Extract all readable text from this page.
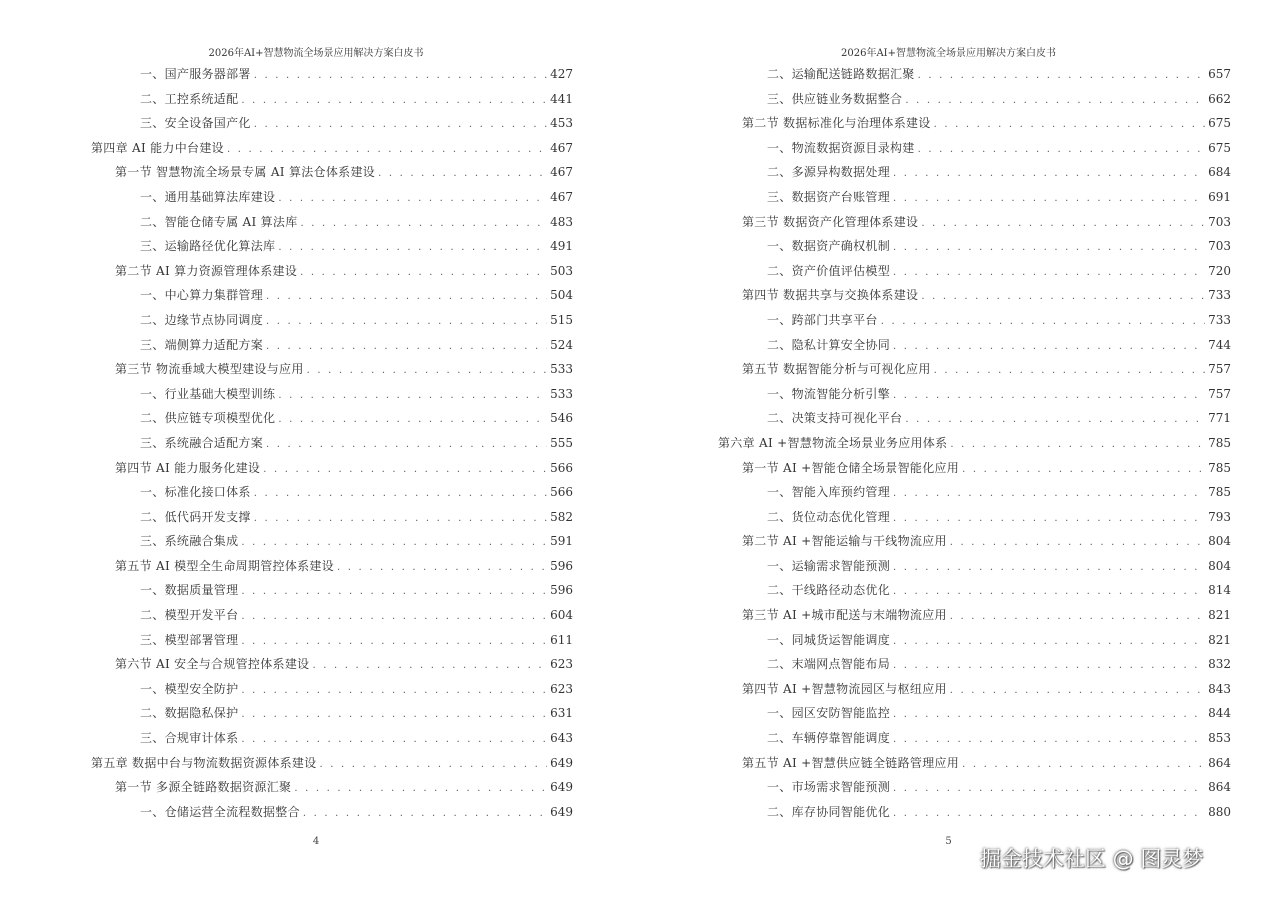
2026年AI+智慧物流全场景应用解决方案白皮书
一、国产服务器部署 . . .	427
二、工控系统适配 . . .	441
三、安全设备国产化 . . .	453
第四章 AI 能力中台建设 . . .	467
第一节 智慧物流全场景专属 AI 算法仓体系建设 . . .	467
一、通用基础算法库建设 . . .	467
二、智能仓储专属 AI 算法库 . . .	483
三、运输路径优化算法库 . . .	491
第二节 AI 算力资源管理体系建设 . . .	503
一、中心算力集群管理 . . .	504
二、边缘节点协同调度 . . .	515
三、端侧算力适配方案 . . .	524
第三节 物流垂域大模型建设与应用 . . .	533
一、行业基础大模型训练 . . .	533
二、供应链专项模型优化 . . .	546
三、系统融合适配方案 . . .	555
第四节 AI 能力服务化建设 . . .	566
一、标准化接口体系 . . .	566
二、低代码开发支撑 . . .	582
三、系统融合集成 . . .	591
第五节 AI 模型全生命周期管控体系建设 . . .	596
一、数据质量管理 . . .	596
二、模型开发平台 . . .	604
三、模型部署管理 . . .	611
第六节 AI 安全与合规管控体系建设 . . .	623
一、模型安全防护 . . .	623
二、数据隐私保护 . . .	631
三、合规审计体系 . . .	643
第五章 数据中台与物流数据资源体系建设 . . .	649
第一节 多源全链路数据资源汇聚 . . .	649
一、仓储运营全流程数据整合 . . .	649
4
2026年AI+智慧物流全场景应用解决方案白皮书
二、运输配送链路数据汇聚 . . .	657
三、供应链业务数据整合 . . .	662
第二节 数据标准化与治理体系建设 . . .	675
一、物流数据资源目录构建 . . .	675
二、多源异构数据处理 . . .	684
三、数据资产台账管理 . . .	691
第三节 数据资产化管理体系建设 . . .	703
一、数据资产确权机制 . . .	703
二、资产价值评估模型 . . .	720
第四节 数据共享与交换体系建设 . . .	733
一、跨部门共享平台 . . .	733
二、隐私计算安全协同 . . .	744
第五节 数据智能分析与可视化应用 . . .	757
一、物流智能分析引擎 . . .	757
二、决策支持可视化平台 . . .	771
第六章 AI +智慧物流全场景业务应用体系 . . .	785
第一节 AI +智能仓储全场景智能化应用 . . .	785
一、智能入库预约管理 . . .	785
二、货位动态优化管理 . . .	793
第二节 AI +智能运输与干线物流应用 . . .	804
一、运输需求智能预测 . . .	804
二、干线路径动态优化 . . .	814
第三节 AI +城市配送与末端物流应用 . . .	821
一、同城货运智能调度 . . .	821
二、末端网点智能布局 . . .	832
第四节 AI +智慧物流园区与枢纽应用 . . .	843
一、园区安防智能监控 . . .	844
二、车辆停靠智能调度 . . .	853
第五节 AI +智慧供应链全链路管理应用 . . .	864
一、市场需求智能预测 . . .	864
二、库存协同智能优化 . . .	880
5
掘金技术社区 @ 图灵梦
